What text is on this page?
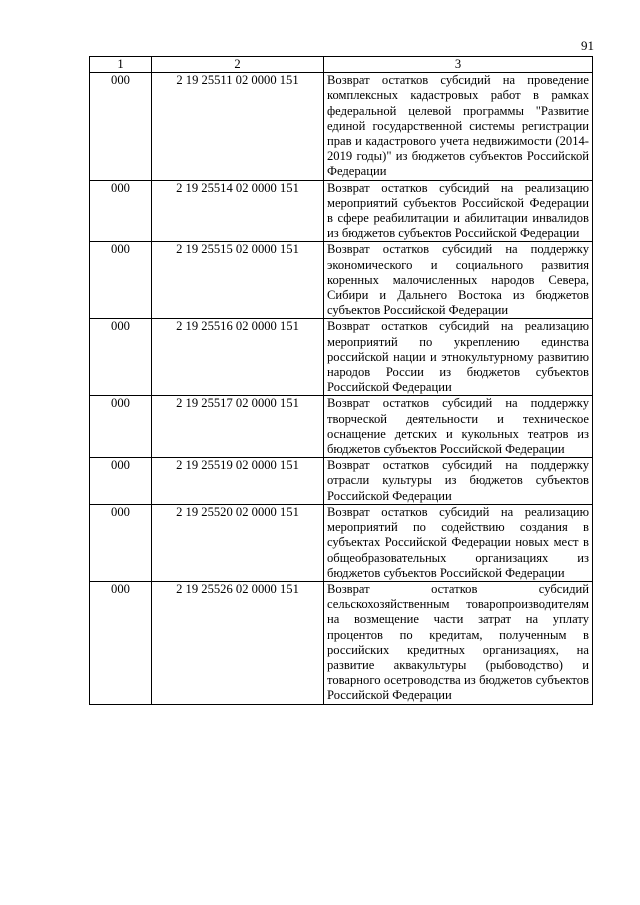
91
1	2	3
000	2 19 25511 02 0000 151	Возврат остатков субсидий на проведение комплексных кадастровых работ в рамках федеральной целевой программы "Развитие единой государственной системы регистрации прав и кадастрового учета недвижимости (2014-2019 годы)" из бюджетов субъектов Российской Федерации
000	2 19 25514 02 0000 151	Возврат остатков субсидий на реализацию мероприятий субъектов Российской Федерации в сфере реабилитации и абилитации инвалидов из бюджетов субъектов Российской Федерации
000	2 19 25515 02 0000 151	Возврат остатков субсидий на поддержку экономического и социального развития коренных малочисленных народов Севера, Сибири и Дальнего Востока из бюджетов субъектов Российской Федерации
000	2 19 25516 02 0000 151	Возврат остатков субсидий на реализацию мероприятий по укреплению единства российской нации и этнокультурному развитию народов России из бюджетов субъектов Российской Федерации
000	2 19 25517 02 0000 151	Возврат остатков субсидий на поддержку творческой деятельности и техническое оснащение детских и кукольных театров из бюджетов субъектов Российской Федерации
000	2 19 25519 02 0000 151	Возврат остатков субсидий на поддержку отрасли культуры из бюджетов субъектов Российской Федерации
000	2 19 25520 02 0000 151	Возврат остатков субсидий на реализацию мероприятий по содействию создания в субъектах Российской Федерации новых мест в общеобразовательных организациях из бюджетов субъектов Российской Федерации
000	2 19 25526 02 0000 151	Возврат остатков субсидий сельскохозяйственным товаропроизводителям на возмещение части затрат на уплату процентов по кредитам, полученным в российских кредитных организациях, на развитие аквакультуры (рыбоводство) и товарного осетроводства из бюджетов субъектов Российской Федерации
